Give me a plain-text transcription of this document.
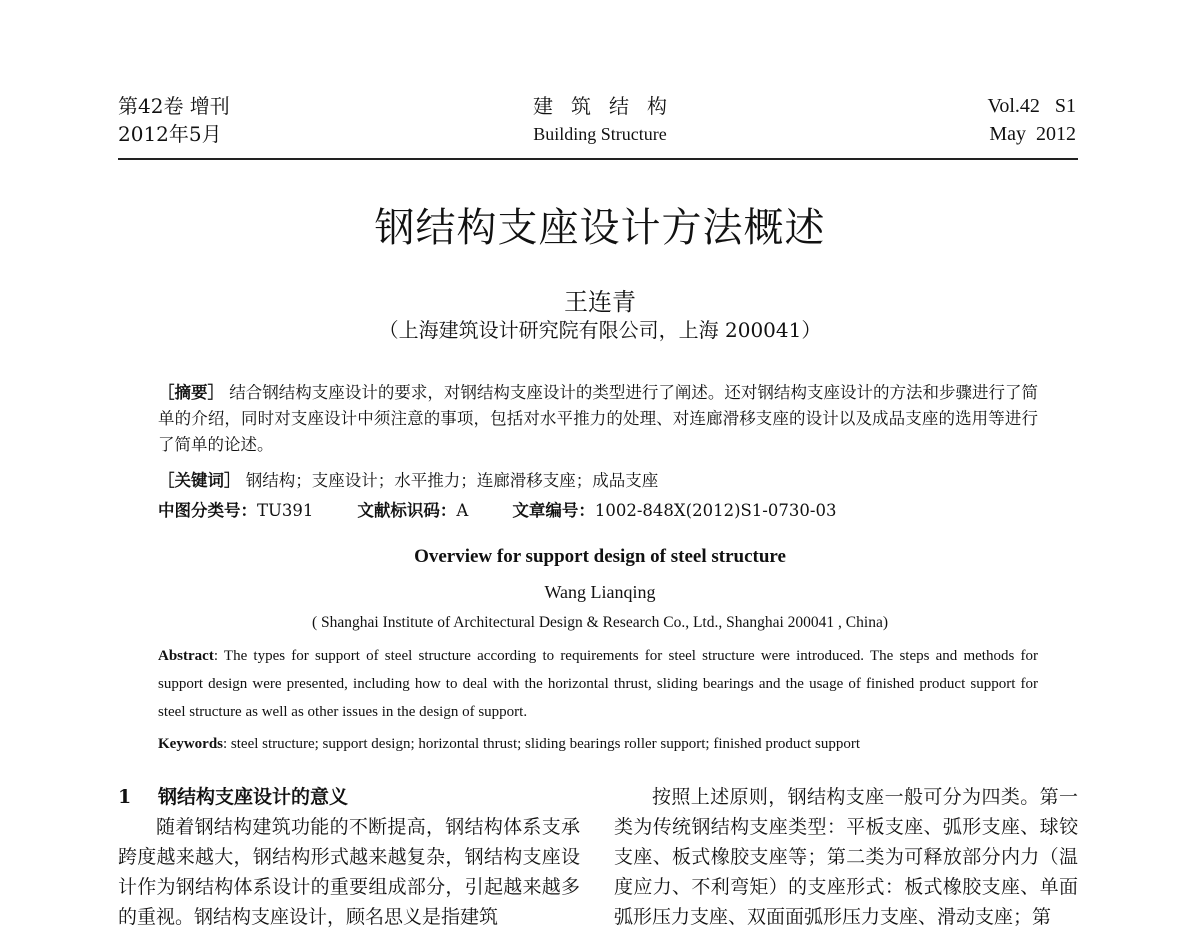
第42卷 增刊
2012年5月
建筑结构
Building Structure
Vol.42   S1
May  2012
钢结构支座设计方法概述
王连青
（上海建筑设计研究院有限公司，上海 200041）
［摘要］ 结合钢结构支座设计的要求，对钢结构支座设计的类型进行了阐述。还对钢结构支座设计的方法和步骤进行了简单的介绍，同时对支座设计中须注意的事项，包括对水平推力的处理、对连廊滑移支座的设计以及成品支座的选用等进行了简单的论述。
［关键词］ 钢结构；支座设计；水平推力；连廊滑移支座；成品支座
中图分类号：TU391	文献标识码：A	文章编号：1002-848X(2012)S1-0730-03
Overview for support design of steel structure
Wang Lianqing
( Shanghai Institute of Architectural Design & Research Co., Ltd., Shanghai 200041 , China)
Abstract: The types for support of steel structure according to requirements for steel structure were introduced. The steps and methods for support design were presented, including how to deal with the horizontal thrust, sliding bearings and the usage of finished product support for steel structure as well as other issues in the design of support.
Keywords: steel structure; support design; horizontal thrust; sliding bearings roller support; finished product support
1 钢结构支座设计的意义

随着钢结构建筑功能的不断提高，钢结构体系支承跨度越来越大，钢结构形式越来越复杂，钢结构支座设计作为钢结构体系设计的重要组成部分，引起越来越多的重视。钢结构支座设计，顾名思义是指建筑

按照上述原则，钢结构支座一般可分为四类。第一类为传统钢结构支座类型：平板支座、弧形支座、球铰支座、板式橡胶支座等；第二类为可释放部分内力（温度应力、不利弯矩）的支座形式：板式橡胶支座、单面弧形压力支座、双面面弧形压力支座、滑动支座；第
